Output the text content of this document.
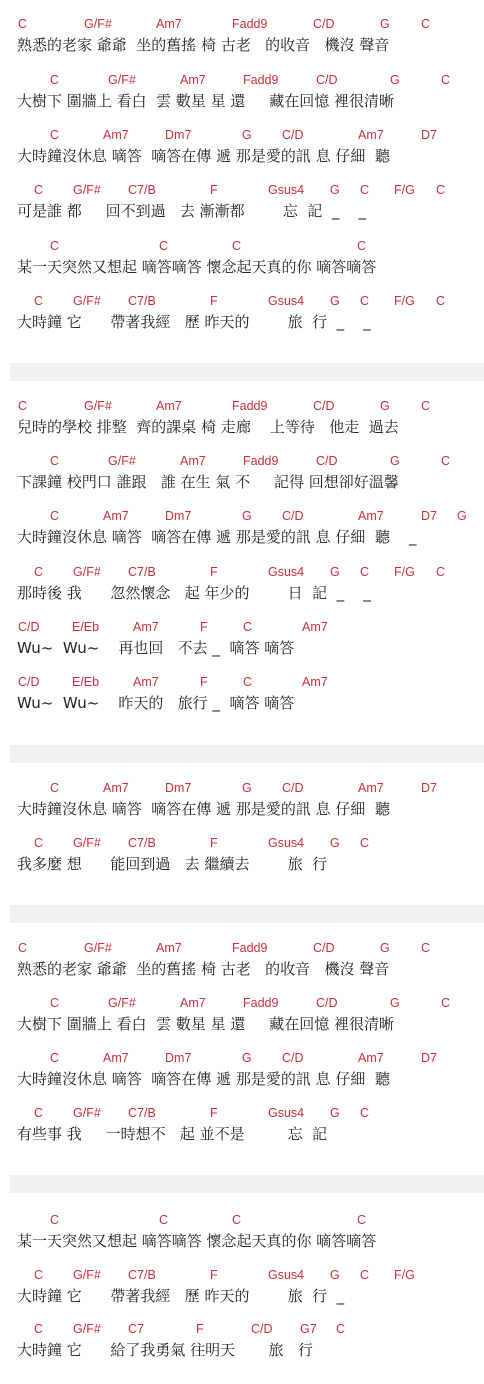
C	G/F#	Am7	Fadd9	C/D	G	C
熟悉的老家 爺爺  坐的舊搖 椅 古老   的收音   機沒 聲音
C	G/F#	Am7	Fadd9	C/D	G	C
大樹下 圍牆上 看白  雲 數星 星 還     藏在回憶 裡很清晰
C	Am7	Dm7	G C/D	Am7	D7
大時鐘沒休息 嘀答  嘀答在傳 遞 那是愛的訊 息 仔細  聽
C G/F# C7/B	F	Gsus4 G C F/G C
可是誰 都     回不到過   去 漸漸都        忘  記  _    _
C	C	C	C
某一天突然又想起 嘀答嘀答 懷念起天真的你 嘀答嘀答
C G/F# C7/B	F	Gsus4 G C F/G C
大時鐘 它      帶著我經   歷 昨天的        旅  行  _    _
C	G/F#	Am7	Fadd9	C/D	G	C
兒時的學校 排整  齊的課桌 椅 走廊    上等待   他走  過去
C	G/F#	Am7	Fadd9	C/D	G	C
下課鐘 校門口 誰跟   誰 在生 氣 不     記得 回想卻好溫馨
C	Am7	Dm7	G C/D	Am7	D7 G
大時鐘沒休息 嘀答  嘀答在傳 遞 那是愛的訊 息 仔細  聽    _
C G/F# C7/B	F	Gsus4 G C F/G C
那時後 我      忽然懷念   起 年少的        日  記  _    _
C/D	E/Eb	Am7	F	C	Am7
Wu~  Wu~    再也回   不去 _  嘀答 嘀答
C/D	E/Eb	Am7	F	C	Am7
Wu~  Wu~    昨天的   旅行 _  嘀答 嘀答
C	Am7	Dm7	G C/D	Am7	D7
大時鐘沒休息 嘀答  嘀答在傳 遞 那是愛的訊 息 仔細  聽
C G/F# C7/B	F	Gsus4 G C
我多麼 想      能回到過   去 繼續去        旅  行
C	G/F#	Am7	Fadd9	C/D	G	C
熟悉的老家 爺爺  坐的舊搖 椅 古老   的收音   機沒 聲音
C	G/F#	Am7	Fadd9	C/D	G	C
大樹下 圍牆上 看白  雲 數星 星 還     藏在回憶 裡很清晰
C	Am7	Dm7	G C/D	Am7	D7
大時鐘沒休息 嘀答  嘀答在傳 遞 那是愛的訊 息 仔細  聽
C G/F# C7/B	F	Gsus4 G C
有些事 我     一時想不   起 並不是         忘  記
C	C	C	C
某一天突然又想起 嘀答嘀答 懷念起天真的你 嘀答嘀答
C G/F# C7/B	F	Gsus4 G C F/G
大時鐘 它      帶著我經   歷 昨天的        旅  行  _
C G/F# C7	F	C/D G7 C
大時鐘 它      給了我勇氣 往明天       旅   行
